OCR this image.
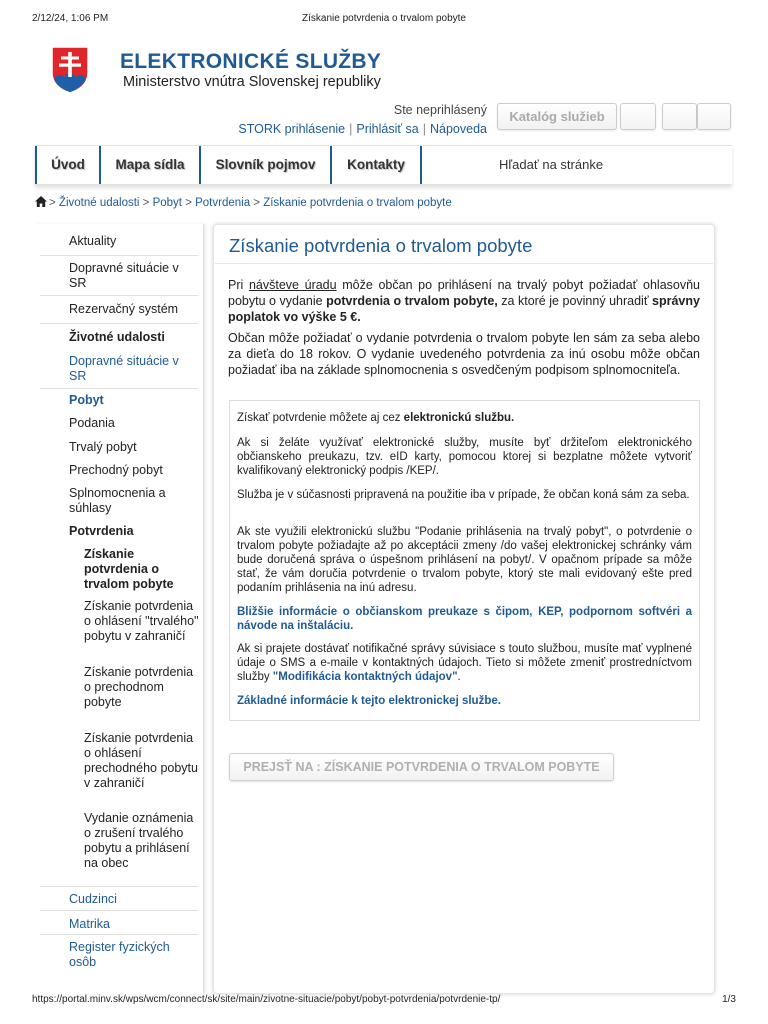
2/12/24, 1:06 PM	Získanie potvrdenia o trvalom pobyte
ELEKTRONICKÉ SLUŽBY
Ministerstvo vnútra Slovenskej republiky
Ste neprihlásený
STORK prihlásenie | Prihlásiť sa | Nápoveda
Katalóg služieb
Úvod	Mapa sídla	Slovník pojmov	Kontakty	Hľadať na stránke
> Životné udalosti > Pobyt > Potvrdenia > Získanie potvrdenia o trvalom pobyte
Aktuality
Dopravné situácie v SR
Rezervačný systém
Životné udalosti
Dopravné situácie v SR
Pobyt
Podania
Trvalý pobyt
Prechodný pobyt
Splnomocnenia a súhlasy
Potvrdenia
Získanie potvrdenia o trvalom pobyte
Získanie potvrdenia o ohlásení "trvalého" pobytu v zahraničí
Získanie potvrdenia o prechodnom pobyte
Získanie potvrdenia o ohlásení prechodného pobytu v zahraničí
Vydanie oznámenia o zrušení trvalého pobytu a prihlásení na obec
Cudzinci
Matrika
Register fyzických osôb
Získanie potvrdenia o trvalom pobyte

Pri návšteve úradu môže občan po prihlásení na trvalý pobyt požiadať ohlasovňu pobytu o vydanie potvrdenia o trvalom pobyte, za ktoré je povinný uhradiť správny poplatok vo výške 5 €.

Občan môže požiadať o vydanie potvrdenia o trvalom pobyte len sám za seba alebo za dieťa do 18 rokov. O vydanie uvedeného potvrdenia za inú osobu môže občan požiadať iba na základe splnomocnenia s osvedčeným podpisom splnomocniteľa.

Získať potvrdenie môžete aj cez elektronickú službu.

Ak si želáte využívať elektronické služby, musíte byť držiteľom elektronického občianskeho preukazu, tzv. eID karty, pomocou ktorej si bezplatne môžete vytvoriť kvalifikovaný elektronický podpis /KEP/.

Služba je v súčasnosti pripravená na použitie iba v prípade, že občan koná sám za seba.

Ak ste využili elektronickú službu "Podanie prihlásenia na trvalý pobyt", o potvrdenie o trvalom pobyte požiadajte až po akceptácii zmeny /do vašej elektronickej schránky vám bude doručená správa o úspešnom prihlásení na pobyt/. V opačnom prípade sa môže stať, že vám doručia potvrdenie o trvalom pobyte, ktorý ste mali evidovaný ešte pred podaním prihlásenia na inú adresu.

Bližšie informácie o občianskom preukaze s čipom, KEP, podpornom softvéri a návode na inštaláciu.

Ak si prajete dostávať notifikačné správy súvisiace s touto službou, musíte mať vyplnené údaje o SMS a e-maile v kontaktných údajoch. Tieto si môžete zmeniť prostredníctvom služby "Modifikácia kontaktných údajov".

Základné informácie k tejto elektronickej službe.
PREJSŤ NA : ZÍSKANIE POTVRDENIA O TRVALOM POBYTE
https://portal.minv.sk/wps/wcm/connect/sk/site/main/zivotne-situacie/pobyt/pobyt-potvrdenia/potvrdenie-tp/	1/3
